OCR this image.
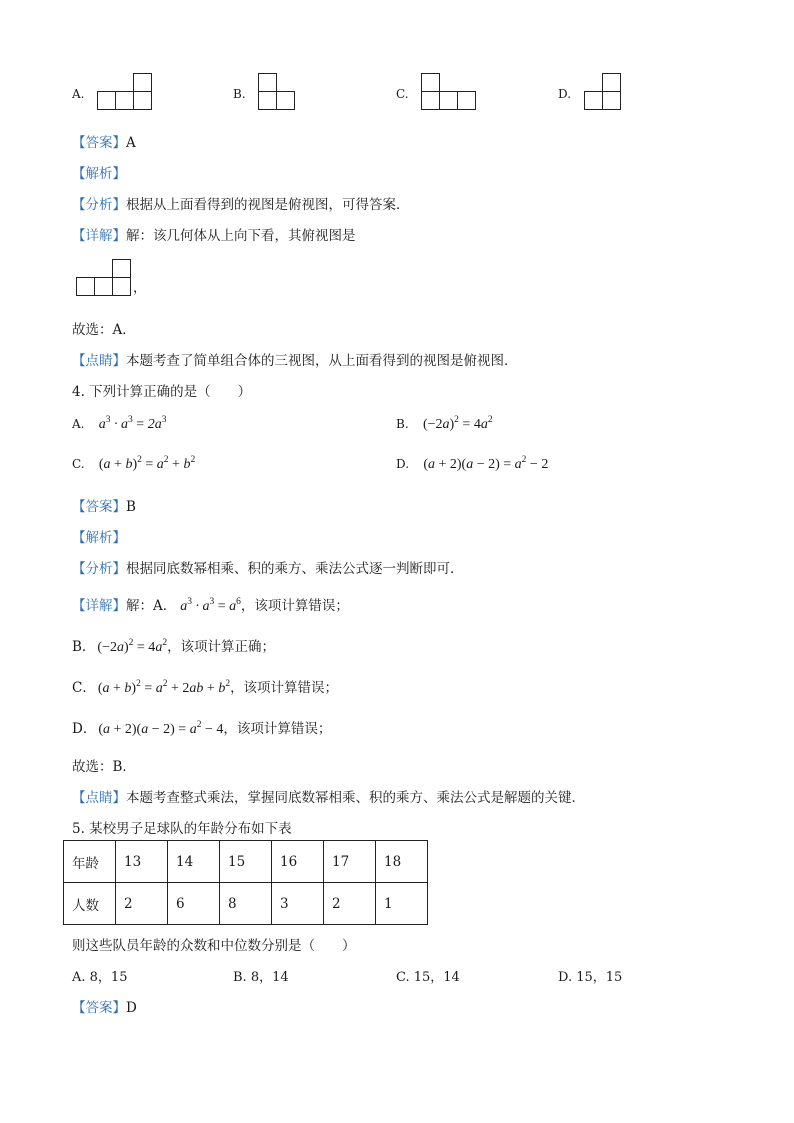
A.	B.	C.	D.
【答案】A
【解析】
【分析】根据从上面看得到的视图是俯视图，可得答案．
【详解】解：该几何体从上向下看，其俯视图是
，
故选：A．
【点睛】本题考查了简单组合体的三视图，从上面看得到的视图是俯视图．
4. 下列计算正确的是（　　）
A. $a^3 \cdot a^3 = 2a^3$	B. $(-2a)^2 = 4a^2$
C. $(a + b)^2 = a^2 + b^2$	D. $(a + 2)(a - 2) = a^2 - 2$
【答案】B
【解析】
【分析】根据同底数幂相乘、积的乘方、乘法公式逐一判断即可．
【详解】解：A． $a^3 \cdot a^3 = a^6$，该项计算错误；
B． $(-2a)^2 = 4a^2$，该项计算正确；
C． $(a + b)^2 = a^2 + 2ab + b^2$，该项计算错误；
D． $(a + 2)(a - 2) = a^2 - 4$，该项计算错误；
故选：B．
【点睛】本题考查整式乘法，掌握同底数幂相乘、积的乘方、乘法公式是解题的关键．
5. 某校男子足球队的年龄分布如下表
年龄	13	14	15	16	17	18
人数	2	6	8	3	2	1
则这些队员年龄的众数和中位数分别是（　　）
A. 8，15	B. 8，14	C. 15，14	D. 15，15
【答案】D
